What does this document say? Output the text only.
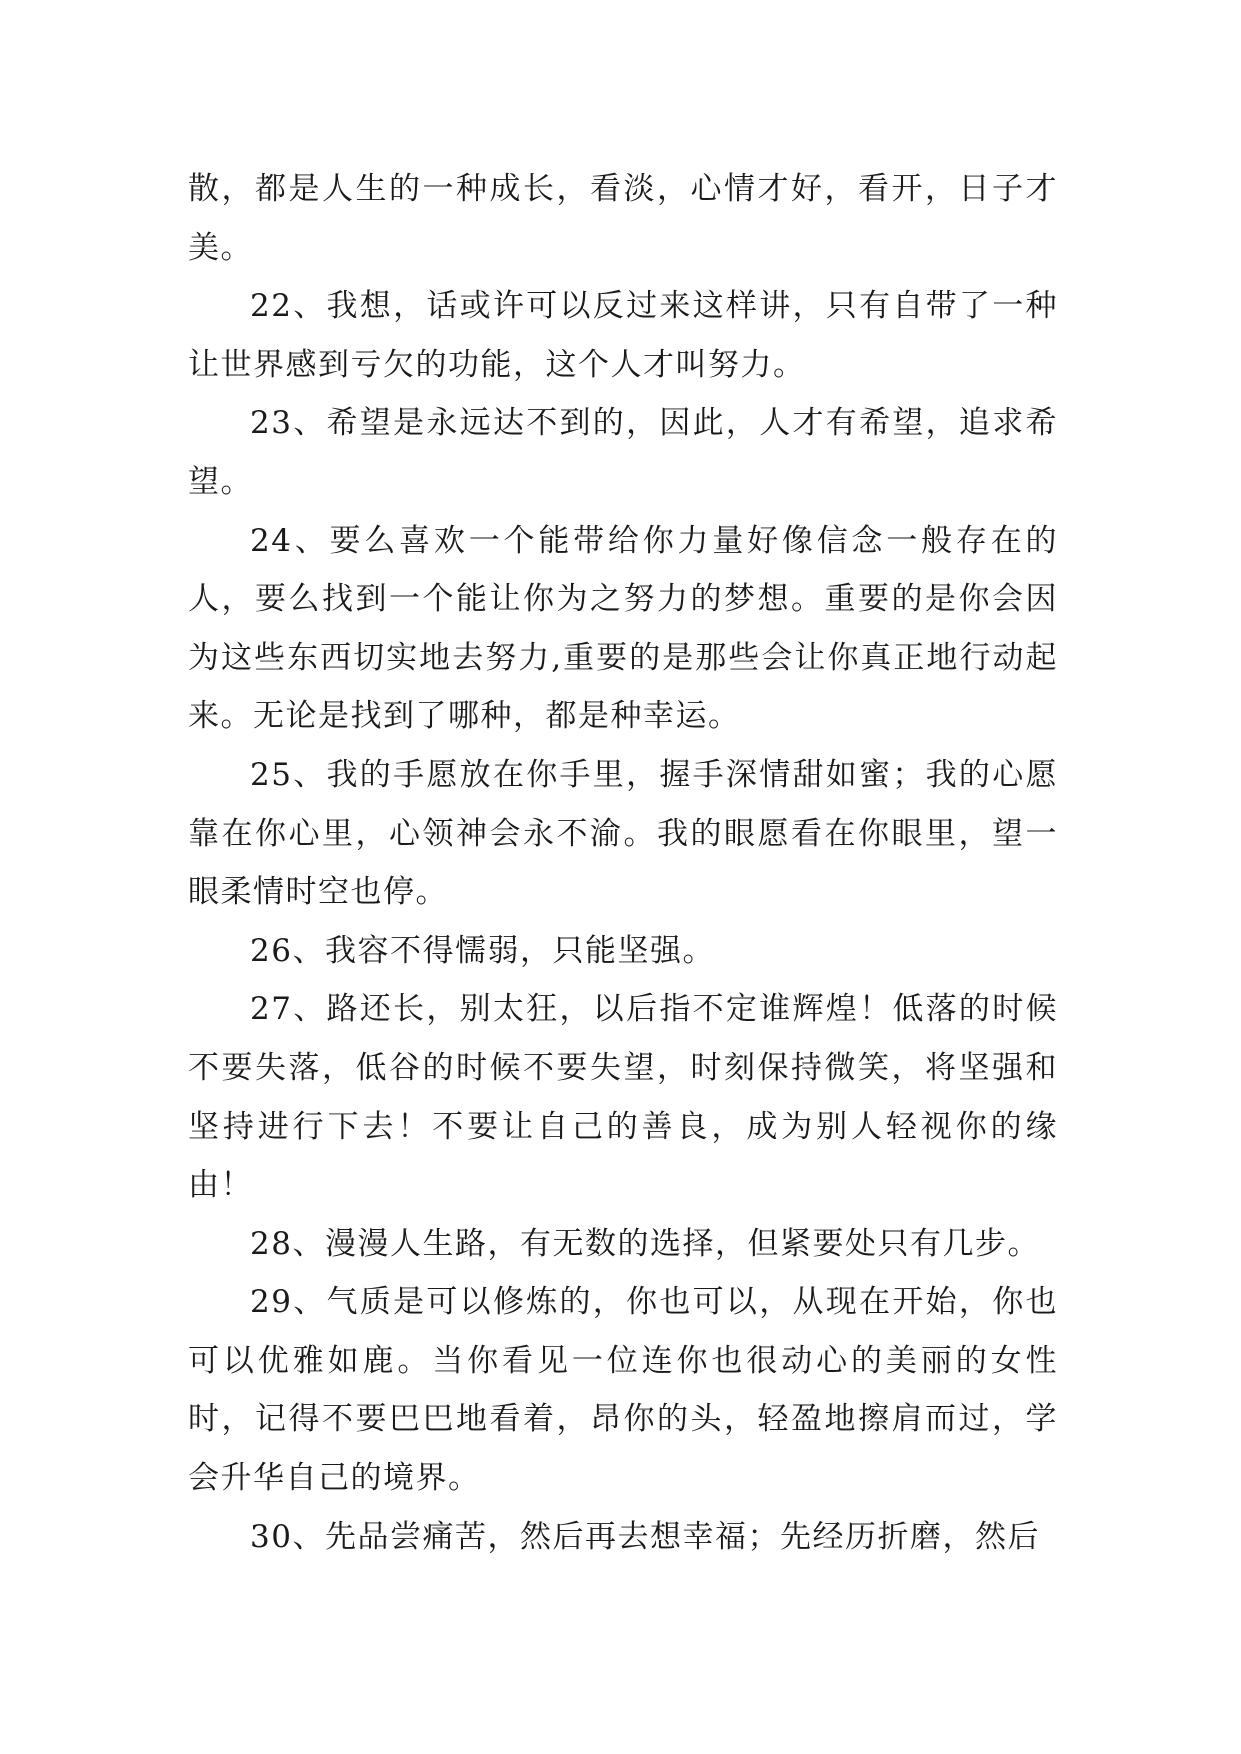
散，都是人生的一种成长，看淡，心情才好，看开，日子才美。

22、我想，话或许可以反过来这样讲，只有自带了一种让世界感到亏欠的功能，这个人才叫努力。

23、希望是永远达不到的，因此，人才有希望，追求希望。

24、要么喜欢一个能带给你力量好像信念一般存在的人，要么找到一个能让你为之努力的梦想。重要的是你会因为这些东西切实地去努力,重要的是那些会让你真正地行动起来。无论是找到了哪种，都是种幸运。

25、我的手愿放在你手里，握手深情甜如蜜；我的心愿靠在你心里，心领神会永不渝。我的眼愿看在你眼里，望一眼柔情时空也停。

26、我容不得懦弱，只能坚强。

27、路还长，别太狂，以后指不定谁辉煌！低落的时候不要失落，低谷的时候不要失望，时刻保持微笑，将坚强和坚持进行下去！不要让自己的善良，成为别人轻视你的缘由！

28、漫漫人生路，有无数的选择，但紧要处只有几步。

29、气质是可以修炼的，你也可以，从现在开始，你也可以优雅如鹿。当你看见一位连你也很动心的美丽的女性时，记得不要巴巴地看着，昂你的头，轻盈地擦肩而过，学会升华自己的境界。

30、先品尝痛苦，然后再去想幸福；先经历折磨，然后
